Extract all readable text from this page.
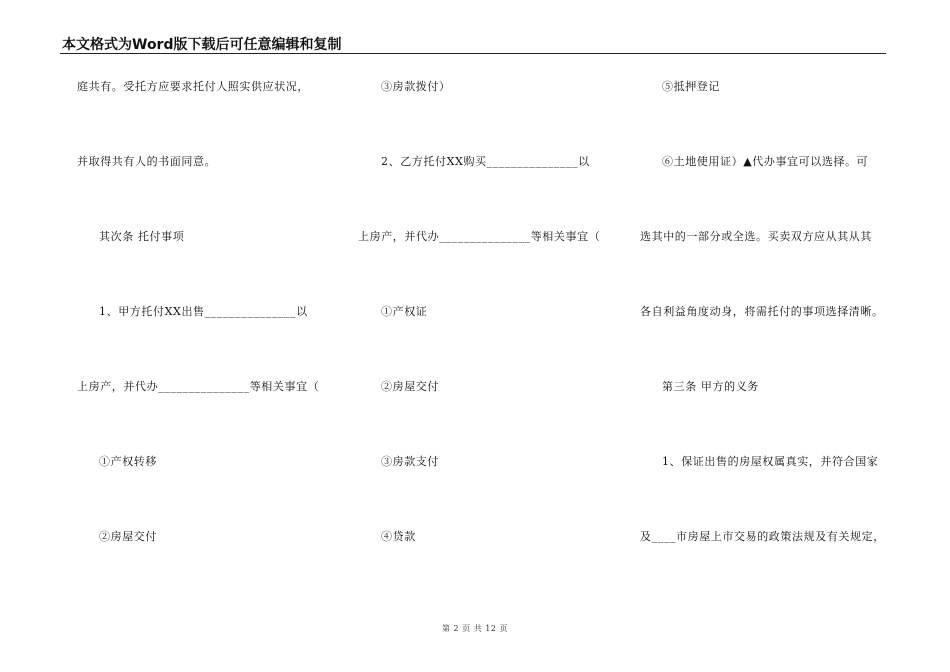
本文格式为Word版下载后可任意编辑和复制
庭共有。受托方应要求托付人照实供应状况，
并取得共有人的书面同意。
其次条 托付事项
1、甲方托付XX出售_______________以
上房产，并代办_______________等相关事宜（
①产权转移
②房屋交付
③房款拨付）
2、乙方托付XX购买_______________以
上房产，并代办_______________等相关事宜（
①产权证
②房屋交付
③房款支付
④贷款
⑤抵押登记
⑥土地使用证）▲代办事宜可以选择。可
选其中的一部分或全选。买卖双方应从其从其
各自利益角度动身，将需托付的事项选择清晰。
第三条 甲方的义务
1、保证出售的房屋权属真实，并符合国家
及____市房屋上市交易的政策法规及有关规定，
第 2 页 共 12 页
